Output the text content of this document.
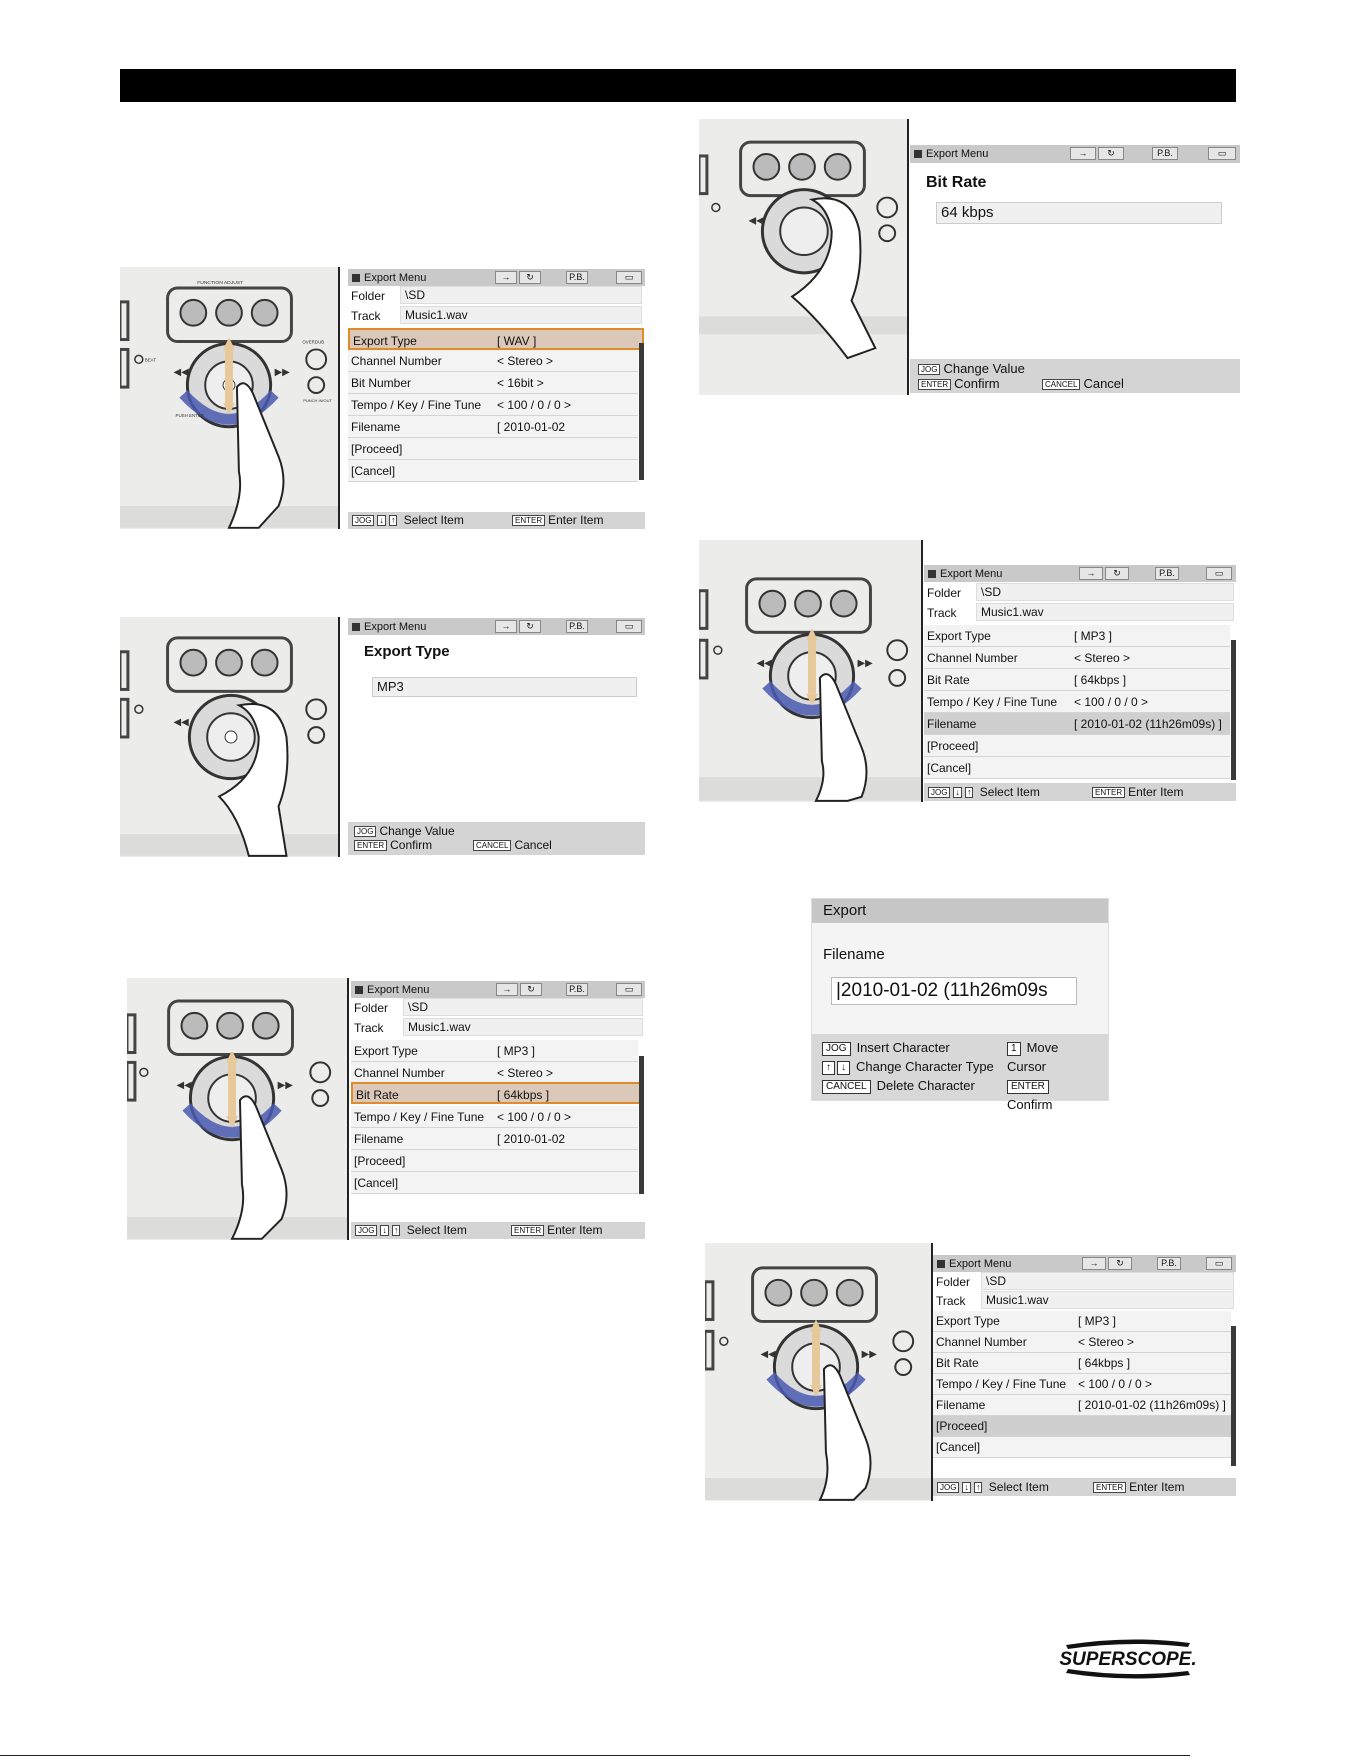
FUNCTION ADJUST
BEAT
OVERDUB
PUSH ENTER
PUNCH IN/OUT
◀◀	▶▶
Export Menu	→	↻	P.B.	▭
Folder	\SD
Track	Music1.wav
Export Type	[ WAV ]
Channel Number	< Stereo >
Bit Number	< 16bit >
Tempo / Key / Fine Tune < 100 / 0 / 0 >
Filename	[ 2010-01-02
[Proceed]
[Cancel]
JOG ↓ ↑ Select Item	ENTER Enter Item
◀◀
Export Menu	→	↻	P.B.	▭
Export Type
MP3
JOG Change Value
ENTER Confirm	CANCEL Cancel
◀◀	▶▶
Export Menu	→	↻	P.B.	▭
Folder	\SD
Track	Music1.wav
Export Type	[ MP3 ]
Channel Number	< Stereo >
Bit Rate	[ 64kbps ]
Tempo / Key / Fine Tune < 100 / 0 / 0 >
Filename	[ 2010-01-02
[Proceed]
[Cancel]
JOG ↓ ↑ Select Item	ENTER Enter Item
◀◀
Export Menu	→	↻	P.B.	▭
Bit Rate
64 kbps
JOG Change Value
ENTER Confirm	CANCEL Cancel
◀◀	▶▶
Export Menu	→	↻	P.B.	▭
Folder	\SD
Track	Music1.wav
Export Type	[ MP3 ]
Channel Number	< Stereo >
Bit Rate	[ 64kbps ]
Tempo / Key / Fine Tune < 100 / 0 / 0 >
Filename	[ 2010-01-02 (11h26m09s) ]
[Proceed]
[Cancel]
JOG ↓ ↑ Select Item	ENTER Enter Item
Export
Filename
|2010-01-02 (11h26m09s
JOG Insert Character	1 Move Cursor
↑ ↓ Change Character Type
CANCEL Delete Character	ENTERConfirm
◀◀	▶▶
Export Menu	→	↻	P.B.	▭
Folder	\SD
Track	Music1.wav
Export Type	[ MP3 ]
Channel Number	< Stereo >
Bit Rate	[ 64kbps ]
Tempo / Key / Fine Tune < 100 / 0 / 0 >
Filename	[ 2010-01-02 (11h26m09s) ]
[Proceed]
[Cancel]
JOG ↓ ↑ Select Item	ENTER Enter Item
SUPERSCOPE.
